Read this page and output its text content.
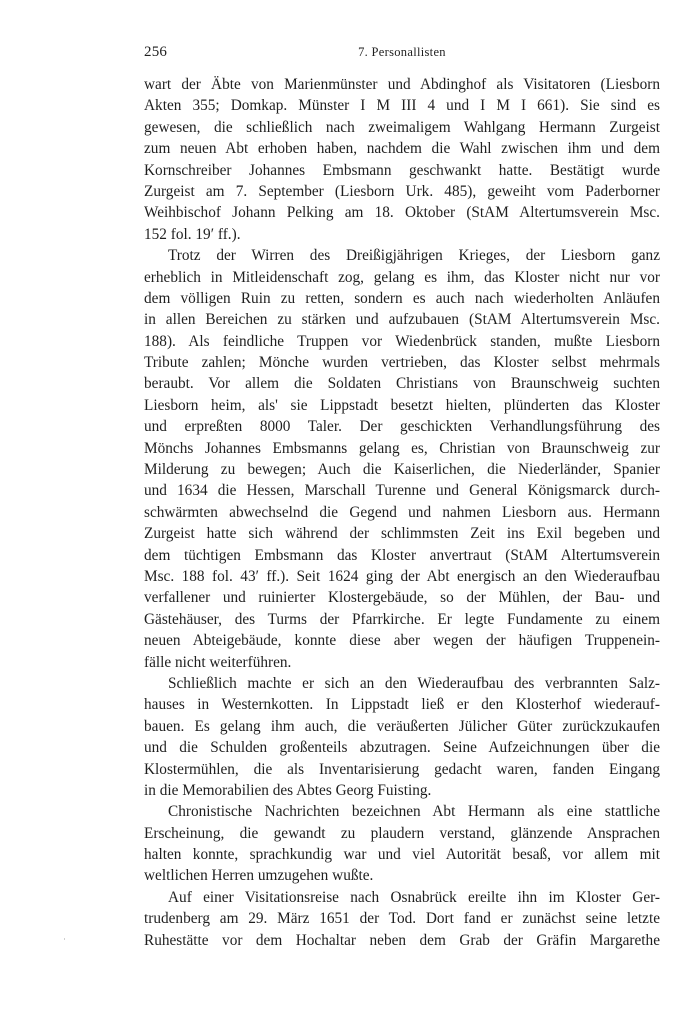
256	7. Personallisten
wart der Äbte von Marienmünster und Abdinghof als Visitatoren (Liesborn
Akten 355; Domkap. Münster I M III 4 und I M I 661). Sie sind es
gewesen, die schließlich nach zweimaligem Wahlgang Hermann Zurgeist
zum neuen Abt erhoben haben, nachdem die Wahl zwischen ihm und dem
Kornschreiber Johannes Embsmann geschwankt hatte. Bestätigt wurde
Zurgeist am 7. September (Liesborn Urk. 485), geweiht vom Paderborner
Weihbischof Johann Pelking am 18. Oktober (StAM Altertumsverein Msc.
152 fol. 19′ ff.).
Trotz der Wirren des Dreißigjährigen Krieges, der Liesborn ganz
erheblich in Mitleidenschaft zog, gelang es ihm, das Kloster nicht nur vor
dem völligen Ruin zu retten, sondern es auch nach wiederholten Anläufen
in allen Bereichen zu stärken und aufzubauen (StAM Altertumsverein Msc.
188). Als feindliche Truppen vor Wiedenbrück standen, mußte Liesborn
Tribute zahlen; Mönche wurden vertrieben, das Kloster selbst mehrmals
beraubt. Vor allem die Soldaten Christians von Braunschweig suchten
Liesborn heim, als' sie Lippstadt besetzt hielten, plünderten das Kloster
und erpreßten 8000 Taler. Der geschickten Verhandlungsführung des
Mönchs Johannes Embsmanns gelang es, Christian von Braunschweig zur
Milderung zu bewegen; Auch die Kaiserlichen, die Niederländer, Spanier
und 1634 die Hessen, Marschall Turenne und General Königsmarck durch-
schwärmten abwechselnd die Gegend und nahmen Liesborn aus. Hermann
Zurgeist hatte sich während der schlimmsten Zeit ins Exil begeben und
dem tüchtigen Embsmann das Kloster anvertraut (StAM Altertumsverein
Msc. 188 fol. 43′ ff.). Seit 1624 ging der Abt energisch an den Wiederaufbau
verfallener und ruinierter Klostergebäude, so der Mühlen, der Bau- und
Gästehäuser, des Turms der Pfarrkirche. Er legte Fundamente zu einem
neuen Abteigebäude, konnte diese aber wegen der häufigen Truppenein-
fälle nicht weiterführen.
Schließlich machte er sich an den Wiederaufbau des verbrannten Salz-
hauses in Westernkotten. In Lippstadt ließ er den Klosterhof wiederauf-
bauen. Es gelang ihm auch, die veräußerten Jülicher Güter zurückzukaufen
und die Schulden großenteils abzutragen. Seine Aufzeichnungen über die
Klostermühlen, die als Inventarisierung gedacht waren, fanden Eingang
in die Memorabilien des Abtes Georg Fuisting.
Chronistische Nachrichten bezeichnen Abt Hermann als eine stattliche
Erscheinung, die gewandt zu plaudern verstand, glänzende Ansprachen
halten konnte, sprachkundig war und viel Autorität besaß, vor allem mit
weltlichen Herren umzugehen wußte.
Auf einer Visitationsreise nach Osnabrück ereilte ihn im Kloster Ger-
trudenberg am 29. März 1651 der Tod. Dort fand er zunächst seine letzte
Ruhestätte vor dem Hochaltar neben dem Grab der Gräfin Margarethe
